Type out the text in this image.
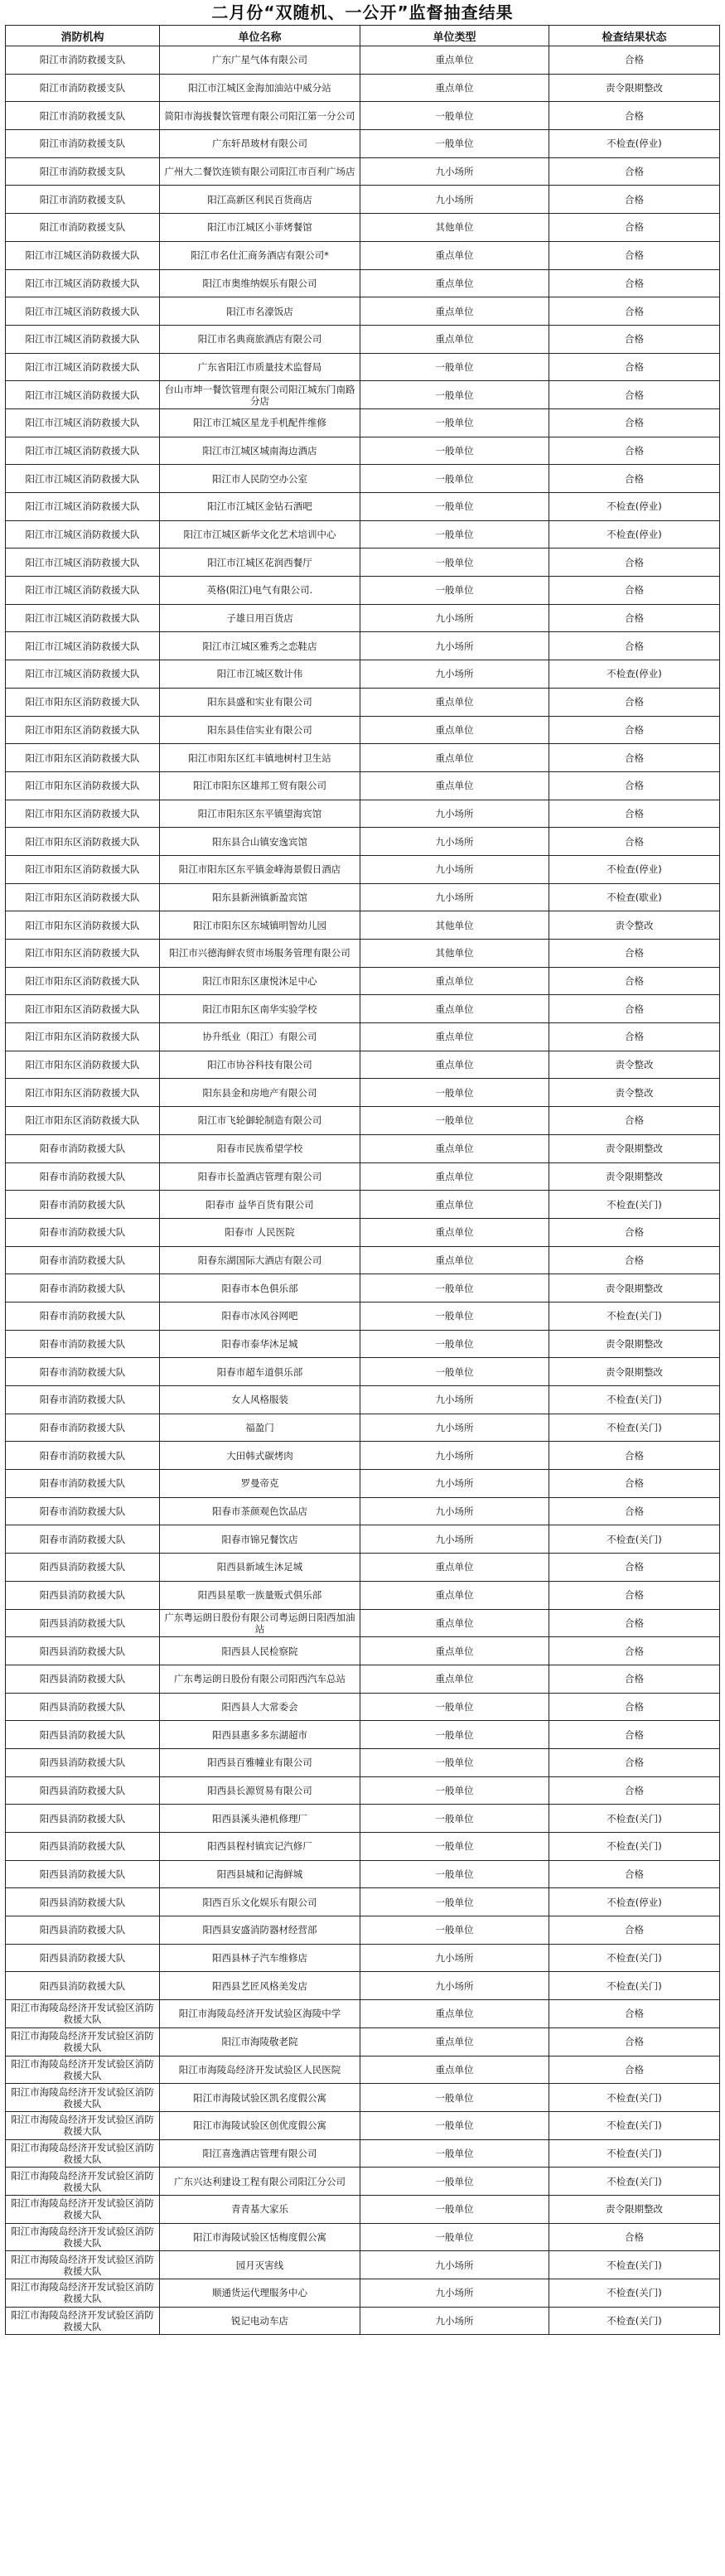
二月份“双随机、一公开”监督抽查结果
消防机构	单位名称	单位类型	检查结果状态
阳江市消防救援支队	广东广星气体有限公司	重点单位	合格
阳江市消防救援支队	阳江市江城区金海加油站中威分站	重点单位	责令限期整改
阳江市消防救援支队	简阳市海拔餐饮管理有限公司阳江第一分公司	一般单位	合格
阳江市消防救援支队	广东轩昂玻材有限公司	一般单位	不检查(停业)
阳江市消防救援支队	广州大二餐饮连锁有限公司阳江市百利广场店	九小场所	合格
阳江市消防救援支队	阳江高新区利民百货商店	九小场所	合格
阳江市消防救援支队	阳江市江城区小菲烤餐馆	其他单位	合格
阳江市江城区消防救援大队	阳江市名仕汇商务酒店有限公司*	重点单位	合格
阳江市江城区消防救援大队	阳江市奥维纳娱乐有限公司	重点单位	合格
阳江市江城区消防救援大队	阳江市名濠饭店	重点单位	合格
阳江市江城区消防救援大队	阳江市名典商旅酒店有限公司	重点单位	合格
阳江市江城区消防救援大队	广东省阳江市质量技术监督局	一般单位	合格
阳江市江城区消防救援大队	台山市坤一餐饮管理有限公司阳江城东门南路分店	一般单位	合格
阳江市江城区消防救援大队	阳江市江城区星龙手机配件维修	一般单位	合格
阳江市江城区消防救援大队	阳江市江城区城南海边酒店	一般单位	合格
阳江市江城区消防救援大队	阳江市人民防空办公室	一般单位	合格
阳江市江城区消防救援大队	阳江市江城区金钻石酒吧	一般单位	不检查(停业)
阳江市江城区消防救援大队	阳江市江城区新华文化艺术培训中心	一般单位	不检查(停业)
阳江市江城区消防救援大队	阳江市江城区花润西餐厅	一般单位	合格
阳江市江城区消防救援大队	英格(阳江)电气有限公司.	一般单位	合格
阳江市江城区消防救援大队	子雄日用百货店	九小场所	合格
阳江市江城区消防救援大队	阳江市江城区雅秀之恋鞋店	九小场所	合格
阳江市江城区消防救援大队	阳江市江城区数计伟	九小场所	不检查(停业)
阳江市阳东区消防救援大队	阳东县盛和实业有限公司	重点单位	合格
阳江市阳东区消防救援大队	阳东县佳信实业有限公司	重点单位	合格
阳江市阳东区消防救援大队	阳江市阳东区红丰镇地树村卫生站	重点单位	合格
阳江市阳东区消防救援大队	阳江市阳东区雄邦工贸有限公司	重点单位	合格
阳江市阳东区消防救援大队	阳江市阳东区东平镇望海宾馆	九小场所	合格
阳江市阳东区消防救援大队	阳东县合山镇安逸宾馆	九小场所	合格
阳江市阳东区消防救援大队	阳江市阳东区东平镇金峰海景假日酒店	九小场所	不检查(停业)
阳江市阳东区消防救援大队	阳东县新洲镇新盈宾馆	九小场所	不检查(歇业)
阳江市阳东区消防救援大队	阳江市阳东区东城镇明智幼儿园	其他单位	责令整改
阳江市阳东区消防救援大队	阳江市兴德海鲜农贸市场服务管理有限公司	其他单位	合格
阳江市阳东区消防救援大队	阳江市阳东区康悦沐足中心	重点单位	合格
阳江市阳东区消防救援大队	阳江市阳东区南华实验学校	重点单位	合格
阳江市阳东区消防救援大队	协升纸业（阳江）有限公司	重点单位	合格
阳江市阳东区消防救援大队	阳江市协谷科技有限公司	重点单位	责令整改
阳江市阳东区消防救援大队	阳东县金和房地产有限公司	一般单位	责令整改
阳江市阳东区消防救援大队	阳江市飞轮御轮制造有限公司	一般单位	合格
阳春市消防救援大队	阳春市民族希望学校	重点单位	责令限期整改
阳春市消防救援大队	阳春市长盈酒店管理有限公司	重点单位	责令限期整改
阳春市消防救援大队	阳春市 益华百货有限公司	重点单位	不检查(关门)
阳春市消防救援大队	阳春市 人民医院	重点单位	合格
阳春市消防救援大队	阳春东湖国际大酒店有限公司	重点单位	合格
阳春市消防救援大队	阳春市本色俱乐部	一般单位	责令限期整改
阳春市消防救援大队	阳春市冰风谷网吧	一般单位	不检查(关门)
阳春市消防救援大队	阳春市泰华沐足城	一般单位	责令限期整改
阳春市消防救援大队	阳春市超车道俱乐部	一般单位	责令限期整改
阳春市消防救援大队	女人风格服装	九小场所	不检查(关门)
阳春市消防救援大队	福盈门	九小场所	不检查(关门)
阳春市消防救援大队	大田韩式碳烤肉	九小场所	合格
阳春市消防救援大队	罗曼帝克	九小场所	合格
阳春市消防救援大队	阳春市茶颜观色饮品店	九小场所	合格
阳春市消防救援大队	阳春市锦兄餐饮店	九小场所	不检查(关门)
阳西县消防救援大队	阳西县新域生沐足城	重点单位	合格
阳西县消防救援大队	阳西县星歌一族量贩式俱乐部	重点单位	合格
阳西县消防救援大队	广东粤运朗日股份有限公司粤运朗日阳西加油站	重点单位	合格
阳西县消防救援大队	阳西县人民检察院	重点单位	合格
阳西县消防救援大队	广东粤运朗日股份有限公司阳西汽车总站	重点单位	合格
阳西县消防救援大队	阳西县人大常委会	一般单位	合格
阳西县消防救援大队	阳西县惠多多东湖超市	一般单位	合格
阳西县消防救援大队	阳西县百雅幢业有限公司	一般单位	合格
阳西县消防救援大队	阳西县长源贸易有限公司	一般单位	合格
阳西县消防救援大队	阳西县溪头港机修理厂	一般单位	不检查(关门)
阳西县消防救援大队	阳西县程村镇宾记汽修厂	一般单位	不检查(关门)
阳西县消防救援大队	阳西县城和记海鲜城	一般单位	合格
阳西县消防救援大队	阳西百乐文化娱乐有限公司	一般单位	不检查(停业)
阳西县消防救援大队	阳西县安盛消防器材经营部	一般单位	合格
阳西县消防救援大队	阳西县林子汽车维修店	九小场所	不检查(关门)
阳西县消防救援大队	阳西县艺匠风格美发店	九小场所	不检查(关门)
阳江市海陵岛经济开发试验区消防救援大队	阳江市海陵岛经济开发试验区海陵中学	重点单位	合格
阳江市海陵岛经济开发试验区消防救援大队	阳江市海陵敬老院	重点单位	合格
阳江市海陵岛经济开发试验区消防救援大队	阳江市海陵岛经济开发试验区人民医院	重点单位	合格
阳江市海陵岛经济开发试验区消防救援大队	阳江市海陵试验区凯名度假公寓	一般单位	不检查(关门)
阳江市海陵岛经济开发试验区消防救援大队	阳江市海陵试验区创优度假公寓	一般单位	不检查(关门)
阳江市海陵岛经济开发试验区消防救援大队	阳江喜逸酒店管理有限公司	一般单位	不检查(关门)
阳江市海陵岛经济开发试验区消防救援大队	广东兴达利建设工程有限公司阳江分公司	一般单位	不检查(关门)
阳江市海陵岛经济开发试验区消防救援大队	青青基大家乐	一般单位	责令限期整改
阳江市海陵岛经济开发试验区消防救援大队	阳江市海陵试验区恬梅度假公寓	一般单位	合格
阳江市海陵岛经济开发试验区消防救援大队	园月灭害线	九小场所	不检查(关门)
阳江市海陵岛经济开发试验区消防救援大队	顺通货运代理服务中心	九小场所	不检查(关门)
阳江市海陵岛经济开发试验区消防救援大队	锐记电动车店	九小场所	不检查(关门)
